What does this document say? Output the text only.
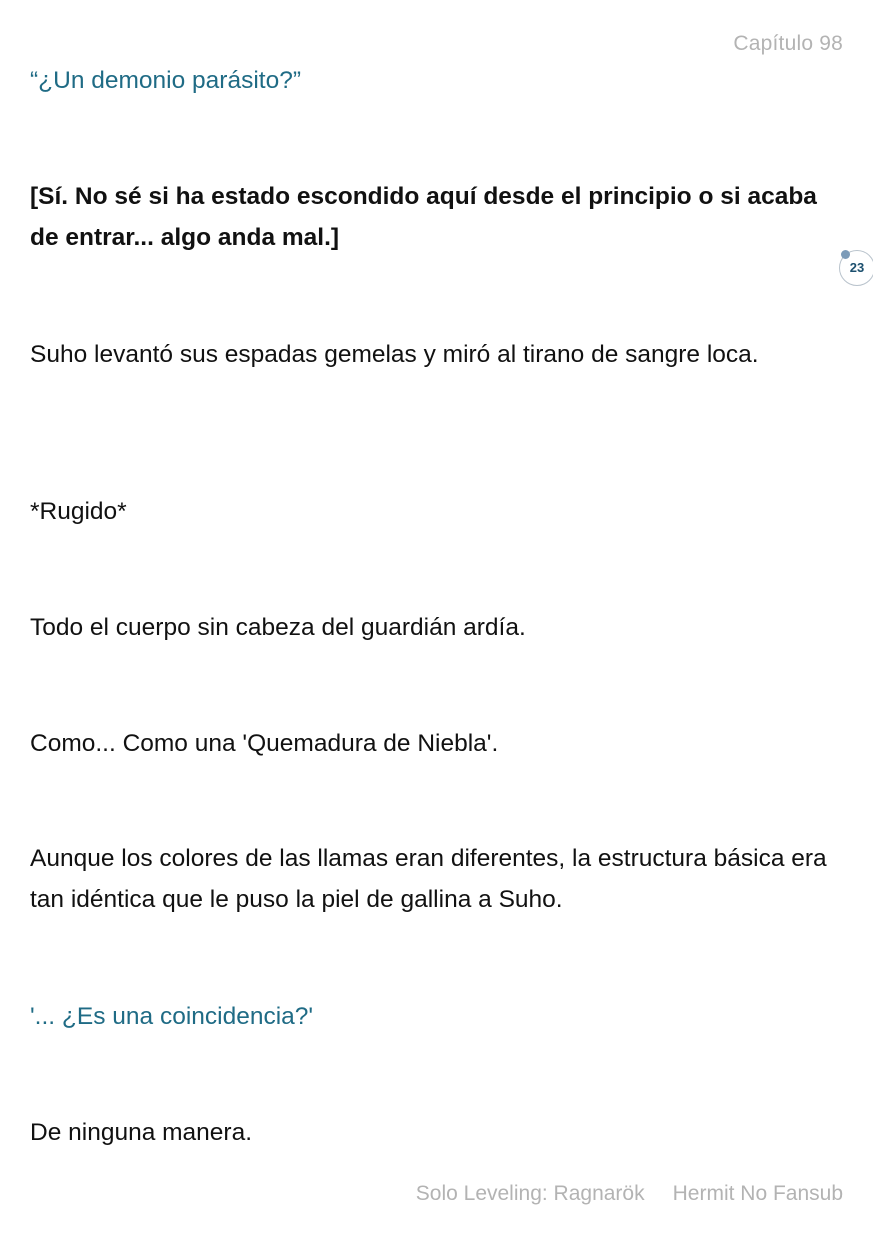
Capítulo 98

“¿Un demonio parásito?”

[Sí. No sé si ha estado escondido aquí desde el principio o si acaba de entrar... algo anda mal.]

23

Suho levantó sus espadas gemelas y miró al tirano de sangre loca.

*Rugido*

Todo el cuerpo sin cabeza del guardián ardía.

Como... Como una 'Quemadura de Niebla'.

Aunque los colores de las llamas eran diferentes, la estructura básica era tan idéntica que le puso la piel de gallina a Suho.

'... ¿Es una coincidencia?'

De ninguna manera.

Solo Leveling: Ragnarök Hermit No Fansub
